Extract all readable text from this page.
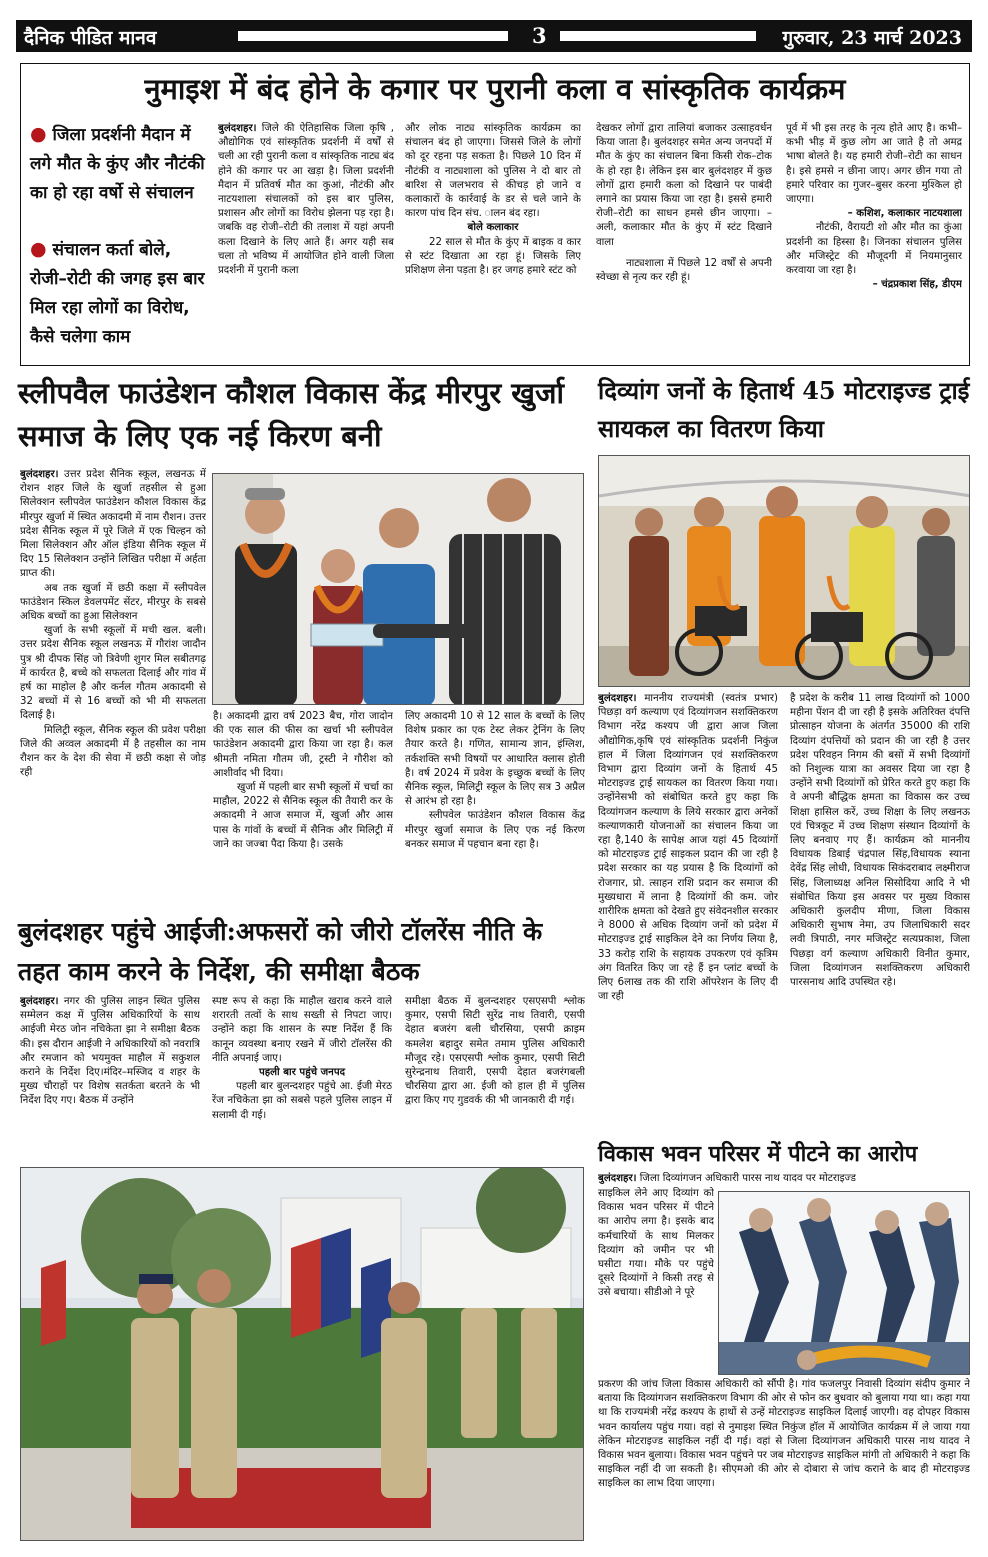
दैनिक पीडित मानव	3	गुरुवार, 23 मार्च 2023
नुमाइश में बंद होने के कगार पर पुरानी कला व सांस्कृतिक कार्यक्रम
● जिला प्रदर्शनी मैदान में लगे मौत के कुंए और नौटंकी का हो रहा वर्षो से संचालन
● संचालन कर्ता बोले, रोजी–रोटी की जगह इस बार मिल रहा लोगों का विरोध, कैसे चलेगा काम

बुलंदशहर। जिले की ऐतिहासिक जिला कृषि , औद्योगिक एवं सांस्कृतिक प्रदर्शनी में वर्षों से चली आ रही पुरानी कला व सांस्कृतिक नाट्य बंद होने की कगार पर आ खड़ा है। जिला प्रदर्शनी मैदान में प्रतिवर्ष मौत का कुआं, नौटंकी और नाटयशाला संचालकों को इस बार पुलिस, प्रशासन और लोगों का विरोध झेलना पड़ रहा है। जबकि वह रोजी–रोटी की तलाश में यहां अपनी कला दिखाने के लिए आते हैं। अगर यही सब चला तो भविष्य में आयोजित होने वाली जिला प्रदर्शनी में पुरानी कला

और लोक नाट्य सांस्कृतिक कार्यक्रम का संचालन बंद हो जाएगा। जिससे जिले के लोगों को दूर रहना पड़ सकता है। पिछले 10 दिन में नौटंकी व नाट्यशाला को पुलिस ने दो बार तो बारिश से जलभराव से कीचड़ हो जाने व कलाकारों के कार्रवाई के डर से चले जाने के कारण पांच दिन संच. ालन बंद रहा।

बोले कलाकार

22 साल से मौत के कुंए में बाइक व कार से स्टंट दिखाता आ रहा हूं। जिसके लिए प्रशिक्षण लेना पड़ता है। हर जगह हमारे स्टंट को

देखकर लोगों द्वारा तालियां बजाकर उत्साहवर्धन किया जाता है। बुलंदशहर समेत अन्य जनपदों में मौत के कुंए का संचालन बिना किसी रोक–टोक के हो रहा है। लेकिन इस बार बुलंदशहर में कुछ लोगों द्वारा हमारी कला को दिखाने पर पाबंदी लगाने का प्रयास किया जा रहा है। इससे हमारी रोजी–रोटी का साधन हमसे छीन जाएगा। – अली, कलाकार मौत के कुंए में स्टंट दिखाने वाला

नाट्यशाला में पिछले 12 वर्षों से अपनी स्वेच्छा से नृत्य कर रही हूं।

पूर्व में भी इस तरह के नृत्य होते आए है। कभी–कभी भीड़ में कुछ लोग आ जाते है तो अमद्र भाषा बोलते है। यह हमारी रोजी–रोटी का साधन है। इसे हमसे न छीना जाए। अगर छीन गया तो हमारे परिवार का गुजर–बुसर करना मुश्किल हो जाएगा।

– कशिश, कलाकार नाटयशाला

नौटंकी, वैरायटी शो और मौत का कुंआ प्रदर्शनी का हिस्सा है। जिनका संचालन पुलिस और मजिस्ट्रेट की मौजूदगी में नियमानुसार करवाया जा रहा है।

– चंद्रप्रकाश सिंह, डीएम
स्लीपवैल फाउंडेशन कौशल विकास केंद्र मीरपुर खुर्जा समाज के लिए एक नई किरण बनी

बुलंदशहर। उत्तर प्रदेश सैनिक स्कूल, लखनऊ में रोशन शहर जिले के खुर्जा तहसील से हुआ सिलेक्शन स्लीपवेल फाउंडेशन कौशल विकास केंद्र मीरपुर खुर्जा में स्थित अकादमी में नाम रौशन। उत्तर प्रदेश सैनिक स्कूल में पूरे जिले में एक चिल्हन को मिला सिलेक्शन और ऑल इंडिया सैनिक स्कूल में दिए 15 सिलेक्शन उन्होंने लिखित परीक्षा में अर्हता प्राप्त की।

अब तक खुर्जा में छठी कक्षा में स्लीपवेल फाउंडेशन स्किल डेवलपमेंट सेंटर, मीरपुर के सबसे अधिक बच्चों का हुआ सिलेक्शन

खुर्जा के सभी स्कूलों में मची खल. बली। उत्तर प्रदेश सैनिक स्कूल लखनऊ में गौरांश जादौन पुत्र श्री दीपक सिंह जो त्रिवेणी शुगर मिल सबीतगढ़ में कार्यरत है, बच्चे को सफलता दिलाई और गांव में हर्ष का माहोल है और कर्नल गौतम अकादमी से 32 बच्चों में से 16 बच्चों को भी मी सफलता दिलाई है।

मिलिट्री स्कूल, सैनिक स्कूल की प्रवेश परीक्षा जिले की अव्वल अकादमी में है तहसील का नाम रौशन कर के देश की सेवा में छठी कक्षा से जोड़ रही

है। अकादमी द्वारा वर्ष 2023 बैच, गोरा जादोन की एक साल की फीस का खर्चा भी स्लीपवेल फाउंडेशन अकादमी द्वारा किया जा रहा है। कल श्रीमती नमिता गौतम जी, ट्रस्टी ने गौरीश को आशीर्वाद भी दिया।

खुर्जा में पहली बार सभी स्कूलों में चर्चा का माहौल, 2022 से सैनिक स्कूल की तैयारी कर के अकादमी ने आज समाज में, खुर्जा और आस पास के गांवों के बच्चों में सैनिक और मिलिट्री में जाने का जज्बा पैदा किया है। उसके

लिए अकादमी 10 से 12 साल के बच्चों के लिए विशेष प्रकार का एक टेस्ट लेकर ट्रेनिंग के लिए तैयार करते है। गणित, सामान्य ज्ञान, इंग्लिश, तर्कशक्ति सभी विषयों पर आधारित क्लास होती है। वर्ष 2024 में प्रवेश के इच्छुक बच्चों के लिए सैनिक स्कूल, मिलिट्री स्कूल के लिए सत्र 3 अप्रैल से आरंभ हो रहा है।

स्लीपवेल फाउंडेशन कौशल विकास केंद्र मीरपुर खुर्जा समाज के लिए एक नई किरण बनकर समाज में पहचान बना रहा है।

दिव्यांग जनों के हितार्थ 45 मोटराइज्ड ट्राई सायकल का वितरण किया

बुलंदशहर। माननीय राज्यमंत्री (स्वतंत्र प्रभार) पिछड़ा वर्ग कल्याण एवं दिव्यांगजन सशक्तिकरण विभाग नरेंद्र कश्यप जी द्वारा आज जिला औद्योगिक,कृषि एवं सांस्कृतिक प्रदर्शनी निकुंज हाल में जिला दिव्यांगजन एवं सशक्तिकरण विभाग द्वारा दिव्यांग जनों के हितार्थ 45 मोटराइज्ड ट्राई सायकल का वितरण किया गया।उन्होंनेसभी को संबोधित करते हुए कहा कि दिव्यांगजन कल्याण के लिये सरकार द्वारा अनेकों कल्याणकारी योजनाओं का संचालन किया जा रहा है,140 के सापेक्ष आज यहां 45 दिव्यांगों को मोटराइज्ड ट्राई साइकल प्रदान की जा रही है प्रदेश सरकार का यह प्रयास है कि दिव्यांगों को रोजगार, प्रो. त्साहन राशि प्रदान कर समाज की मुख्यधारा में लाना है दिव्यांगों की कम. जोर शारीरिक क्षमता को देखते हुए संवेदनशील सरकार ने 8000 से अधिक दिव्यांग जनों को प्रदेश में मोटराइज्ड ट्राई साइकिल देने का निर्णय लिया है, 33 करोड़ राशि के सहायक उपकरण एवं कृत्रिम अंग वितरित किए जा रहे हैं इन प्लांट बच्चों के लिए 6लाख तक की राशि ऑपरेशन के लिए दी जा रही

है प्रदेश के करीब 11 लाख दिव्यांगों को 1000 महीना पेंशन दी जा रही है इसके अतिरिक्त दंपत्ति प्रोत्साहन योजना के अंतर्गत 35000 की राशि दिव्यांग दंपत्तियों को प्रदान की जा रही है उत्तर प्रदेश परिवहन निगम की बसों में सभी दिव्यांगों को निशुल्क यात्रा का अवसर दिया जा रहा है उन्होंने सभी दिव्यांगों को प्रेरित करते हुए कहा कि वे अपनी बौद्धिक क्षमता का विकास कर उच्च शिक्षा हासिल करें, उच्च शिक्षा के लिए लखनऊ एवं चित्रकूट में उच्च शिक्षण संस्थान दिव्यांगों के लिए बनवाए गए हैं। कार्यक्रम को माननीय विधायक डिबाई चंद्रपाल सिंह,विधायक स्याना देवेंद्र सिंह लोधी, विधायक सिकंदराबाद लक्ष्मीराज सिंह, जिलाध्यक्ष अनिल सिसोदिया आदि ने भी संबोधित किया इस अवसर पर मुख्य विकास अधिकारी कुलदीप मीणा, जिला विकास अधिकारी सुभाष नेमा, उप जिलाधिकारी सदर लवी त्रिपाठी, नगर मजिस्ट्रेट सत्यप्रकाश, जिला पिछड़ा वर्ग कल्याण अधिकारी विनीत कुमार, जिला दिव्यांगजन सशक्तिकरण अधिकारी पारसनाथ आदि उपस्थित रहे।

बुलंदशहर पहुंचे आईजी:अफसरों को जीरो टॉलरेंस नीति के तहत काम करने के निर्देश, की समीक्षा बैठक

बुलंदशहर। नगर की पुलिस लाइन स्थित पुलिस सम्मेलन कक्ष में पुलिस अधिकारियों के साथ आईजी मेरठ जोन नचिकेता झा ने समीक्षा बैठक की। इस दौरान आईजी ने अधिकारियों को नवरात्रि और रमजान को भयमुक्त माहौल में सकुशल कराने के निर्देश दिए।मंदिर–मस्जिद व शहर के मुख्य चौराहों पर विशेष सतर्कता बरतने के भी निर्देश दिए गए। बैठक में उन्होंने

स्पष्ट रूप से कहा कि माहौल खराब करने वाले शरारती तत्वों के साथ सख्ती से निपटा जाए। उन्होंने कहा कि शासन के स्पष्ट निर्देश हैं कि कानून व्यवस्था बनाए रखने में जीरो टॉलरेंस की नीति अपनाई जाए।

पहली बार पहुंचे जनपद

पहली बार बुलन्दशहर पहुंचे आ. ईजी मेरठ रेंज नचिकेता झा को सबसे पहले पुलिस लाइन में सलामी दी गई।

समीक्षा बैठक में बुलन्दशहर एसएसपी श्लोक कुमार, एसपी सिटी सुरेंद्र नाथ तिवारी, एसपी देहात बजरंग बली चौरसिया, एसपी क्राइम कमलेश बहादुर समेत तमाम पुलिस अधिकारी मौजूद रहे। एसएसपी श्लोक कुमार, एसपी सिटी सुरेन्द्रनाथ तिवारी, एसपी देहात बजरंगबली चौरसिया द्वारा आ. ईजी को हाल ही में पुलिस द्वारा किए गए गुडवर्क की भी जानकारी दी गई।

विकास भवन परिसर में पीटने का आरोप

बुलंदशहर। जिला दिव्यांगजन अधिकारी पारस नाथ यादव पर मोटराइज्ड

साइकिल लेने आए दिव्यांग को विकास भवन परिसर में पीटने का आरोप लगा है। इसके बाद कर्मचारियों के साथ मिलकर दिव्यांग को जमीन पर भी घसीटा गया। मौके पर पहुंचे दूसरे दिव्यांगों ने किसी तरह से उसे बचाया। सीडीओ ने पूरे

प्रकरण की जांच जिला विकास अधिकारी को सौंपी है। गांव फजलपुर निवासी दिव्यांग संदीप कुमार ने बताया कि दिव्यांगजन सशक्तिकरण विभाग की ओर से फोन कर बुधवार को बुलाया गया था। कहा गया था कि राज्यमंत्री नरेंद्र कश्यप के हाथों से उन्हें मोटराइज्ड साइकिल दिलाई जाएगी। वह दोपहर विकास भवन कार्यालय पहुंच गया। वहां से नुमाइश स्थित निकुंज हॉल में आयोजित कार्यक्रम में ले जाया गया लेकिन मोटराइज्ड साइकिल नहीं दी गई। वहां से जिला दिव्यांगजन अधिकारी पारस नाथ यादव ने विकास भवन बुलाया। विकास भवन पहुंचने पर जब मोटराइज्ड साइकिल मांगी तो अधिकारी ने कहा कि साइकिल नहीं दी जा सकती है। सीएमओ की ओर से दोबारा से जांच कराने के बाद ही मोटराइज्ड साइकिल का लाभ दिया जाएगा।
